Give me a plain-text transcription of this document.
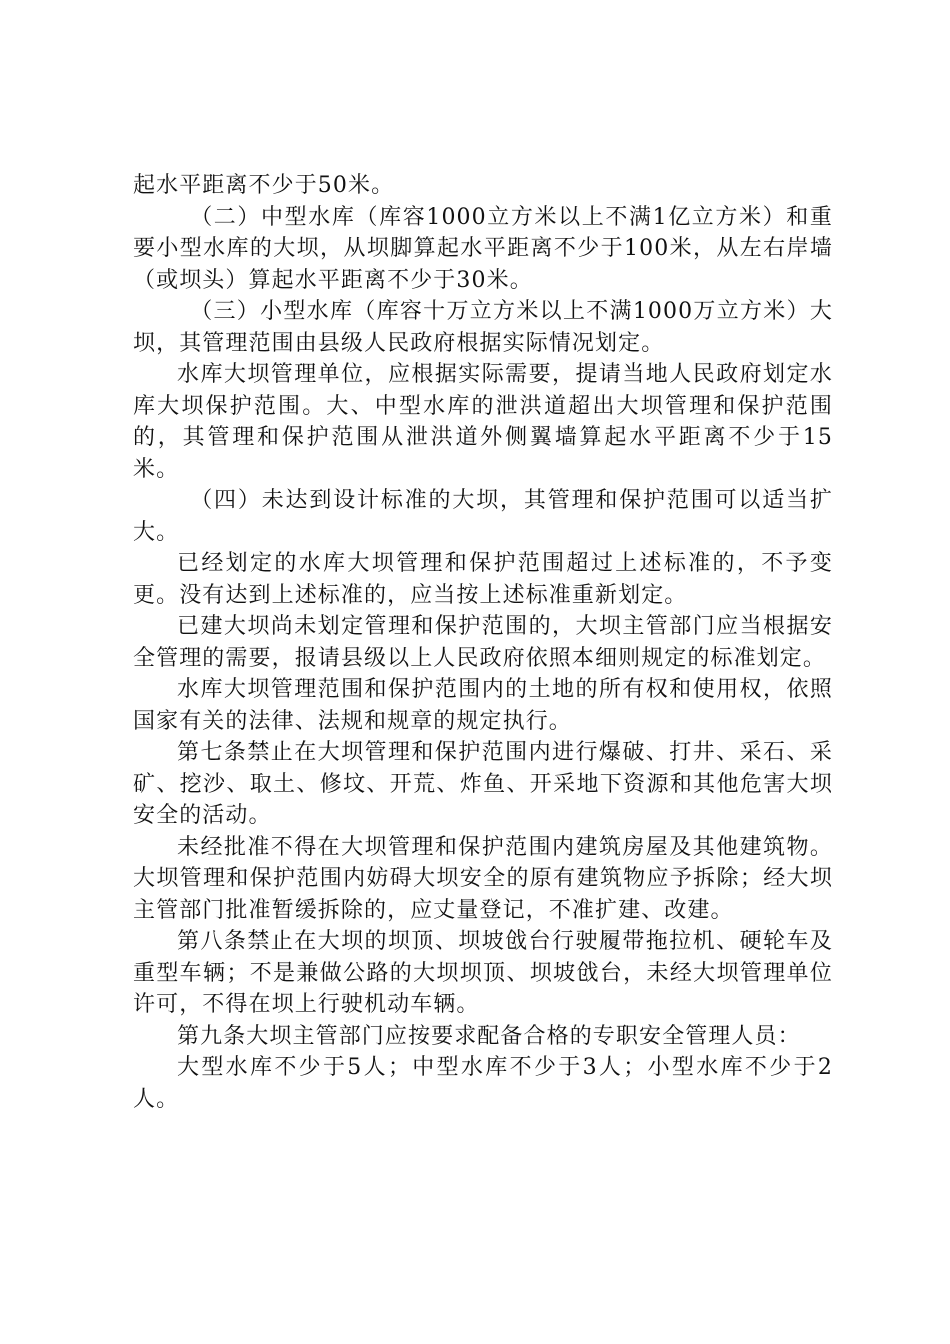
起水平距离不少于50米。

（二）中型水库（库容1000立方米以上不满1亿立方米）和重要小型水库的大坝，从坝脚算起水平距离不少于100米，从左右岸墙（或坝头）算起水平距离不少于30米。

（三）小型水库（库容十万立方米以上不满1000万立方米）大坝，其管理范围由县级人民政府根据实际情况划定。

水库大坝管理单位，应根据实际需要，提请当地人民政府划定水库大坝保护范围。大、中型水库的泄洪道超出大坝管理和保护范围的，其管理和保护范围从泄洪道外侧翼墙算起水平距离不少于15米。

（四）未达到设计标准的大坝，其管理和保护范围可以适当扩大。

已经划定的水库大坝管理和保护范围超过上述标准的，不予变更。没有达到上述标准的，应当按上述标准重新划定。

已建大坝尚未划定管理和保护范围的，大坝主管部门应当根据安全管理的需要，报请县级以上人民政府依照本细则规定的标准划定。

水库大坝管理范围和保护范围内的土地的所有权和使用权，依照国家有关的法律、法规和规章的规定执行。

第七条禁止在大坝管理和保护范围内进行爆破、打井、采石、采矿、挖沙、取土、修坟、开荒、炸鱼、开采地下资源和其他危害大坝安全的活动。

未经批准不得在大坝管理和保护范围内建筑房屋及其他建筑物。大坝管理和保护范围内妨碍大坝安全的原有建筑物应予拆除；经大坝主管部门批准暂缓拆除的，应丈量登记，不准扩建、改建。

第八条禁止在大坝的坝顶、坝坡戗台行驶履带拖拉机、硬轮车及重型车辆；不是兼做公路的大坝坝顶、坝坡戗台，未经大坝管理单位许可，不得在坝上行驶机动车辆。

第九条大坝主管部门应按要求配备合格的专职安全管理人员：

大型水库不少于5人；中型水库不少于3人；小型水库不少于2人。
